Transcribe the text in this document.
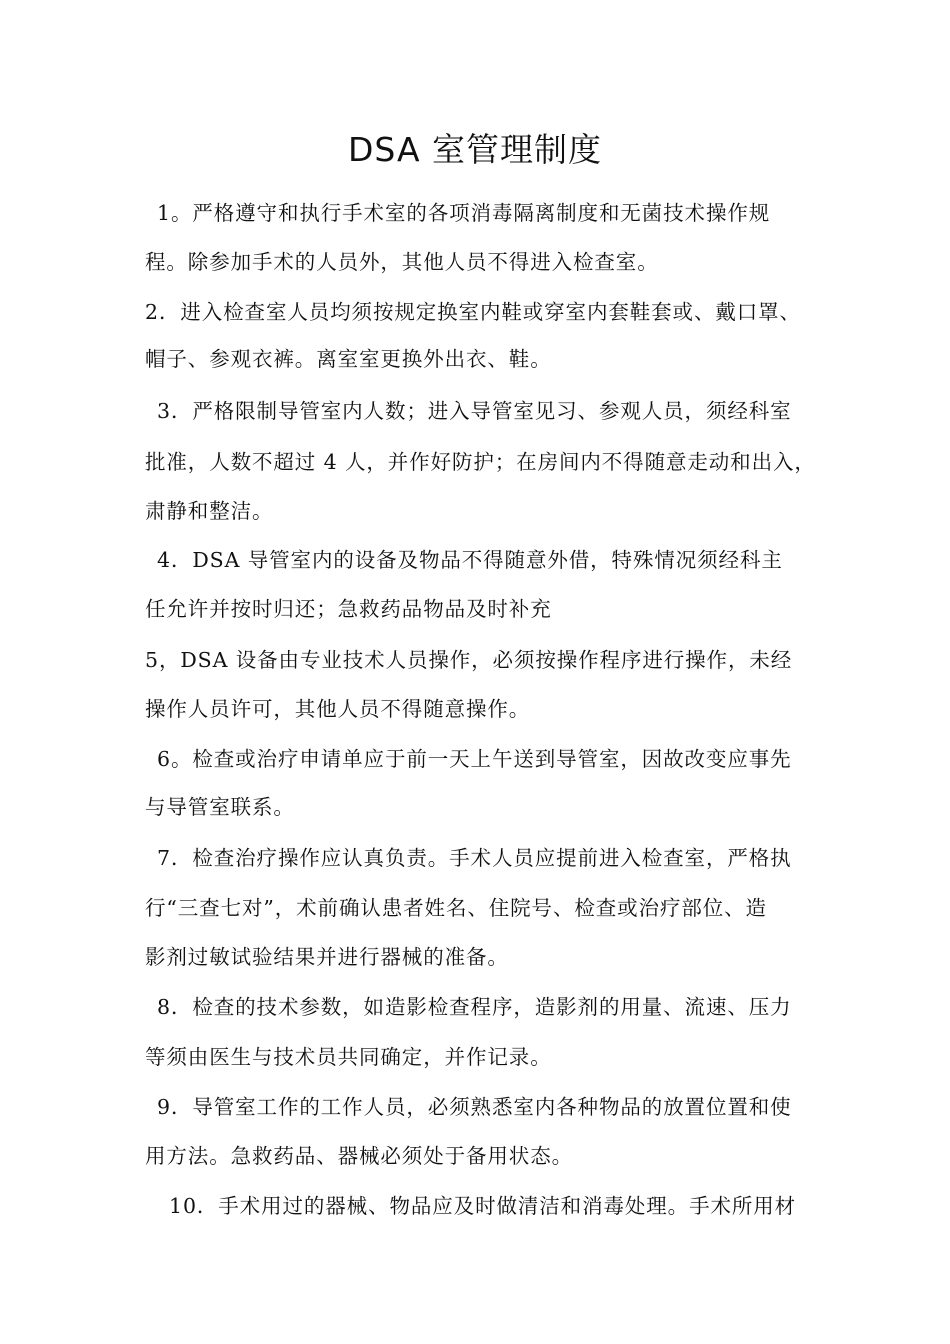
DSA 室管理制度
1。严格遵守和执行手术室的各项消毒隔离制度和无菌技术操作规
程。除参加手术的人员外，其他人员不得进入检查室。
2．进入检查室人员均须按规定换室内鞋或穿室内套鞋套或、戴口罩、
帽子、参观衣裤。离室室更换外出衣、鞋。
3．严格限制导管室内人数；进入导管室见习、参观人员，须经科室
批准，人数不超过 4 人，并作好防护；在房间内不得随意走动和出入，
肃静和整洁。
4．DSA 导管室内的设备及物品不得随意外借，特殊情况须经科主
任允许并按时归还；急救药品物品及时补充
5，DSA 设备由专业技术人员操作，必须按操作程序进行操作，未经
操作人员许可，其他人员不得随意操作。
6。检查或治疗申请单应于前一天上午送到导管室，因故改变应事先
与导管室联系。
7．检查治疗操作应认真负责。手术人员应提前进入检查室，严格执
行“三查七对”，术前确认患者姓名、住院号、检查或治疗部位、造
影剂过敏试验结果并进行器械的准备。
8．检查的技术参数，如造影检查程序，造影剂的用量、流速、压力
等须由医生与技术员共同确定，并作记录。
9．导管室工作的工作人员，必须熟悉室内各种物品的放置位置和使
用方法。急救药品、器械必须处于备用状态。
10．手术用过的器械、物品应及时做清洁和消毒处理。手术所用材
